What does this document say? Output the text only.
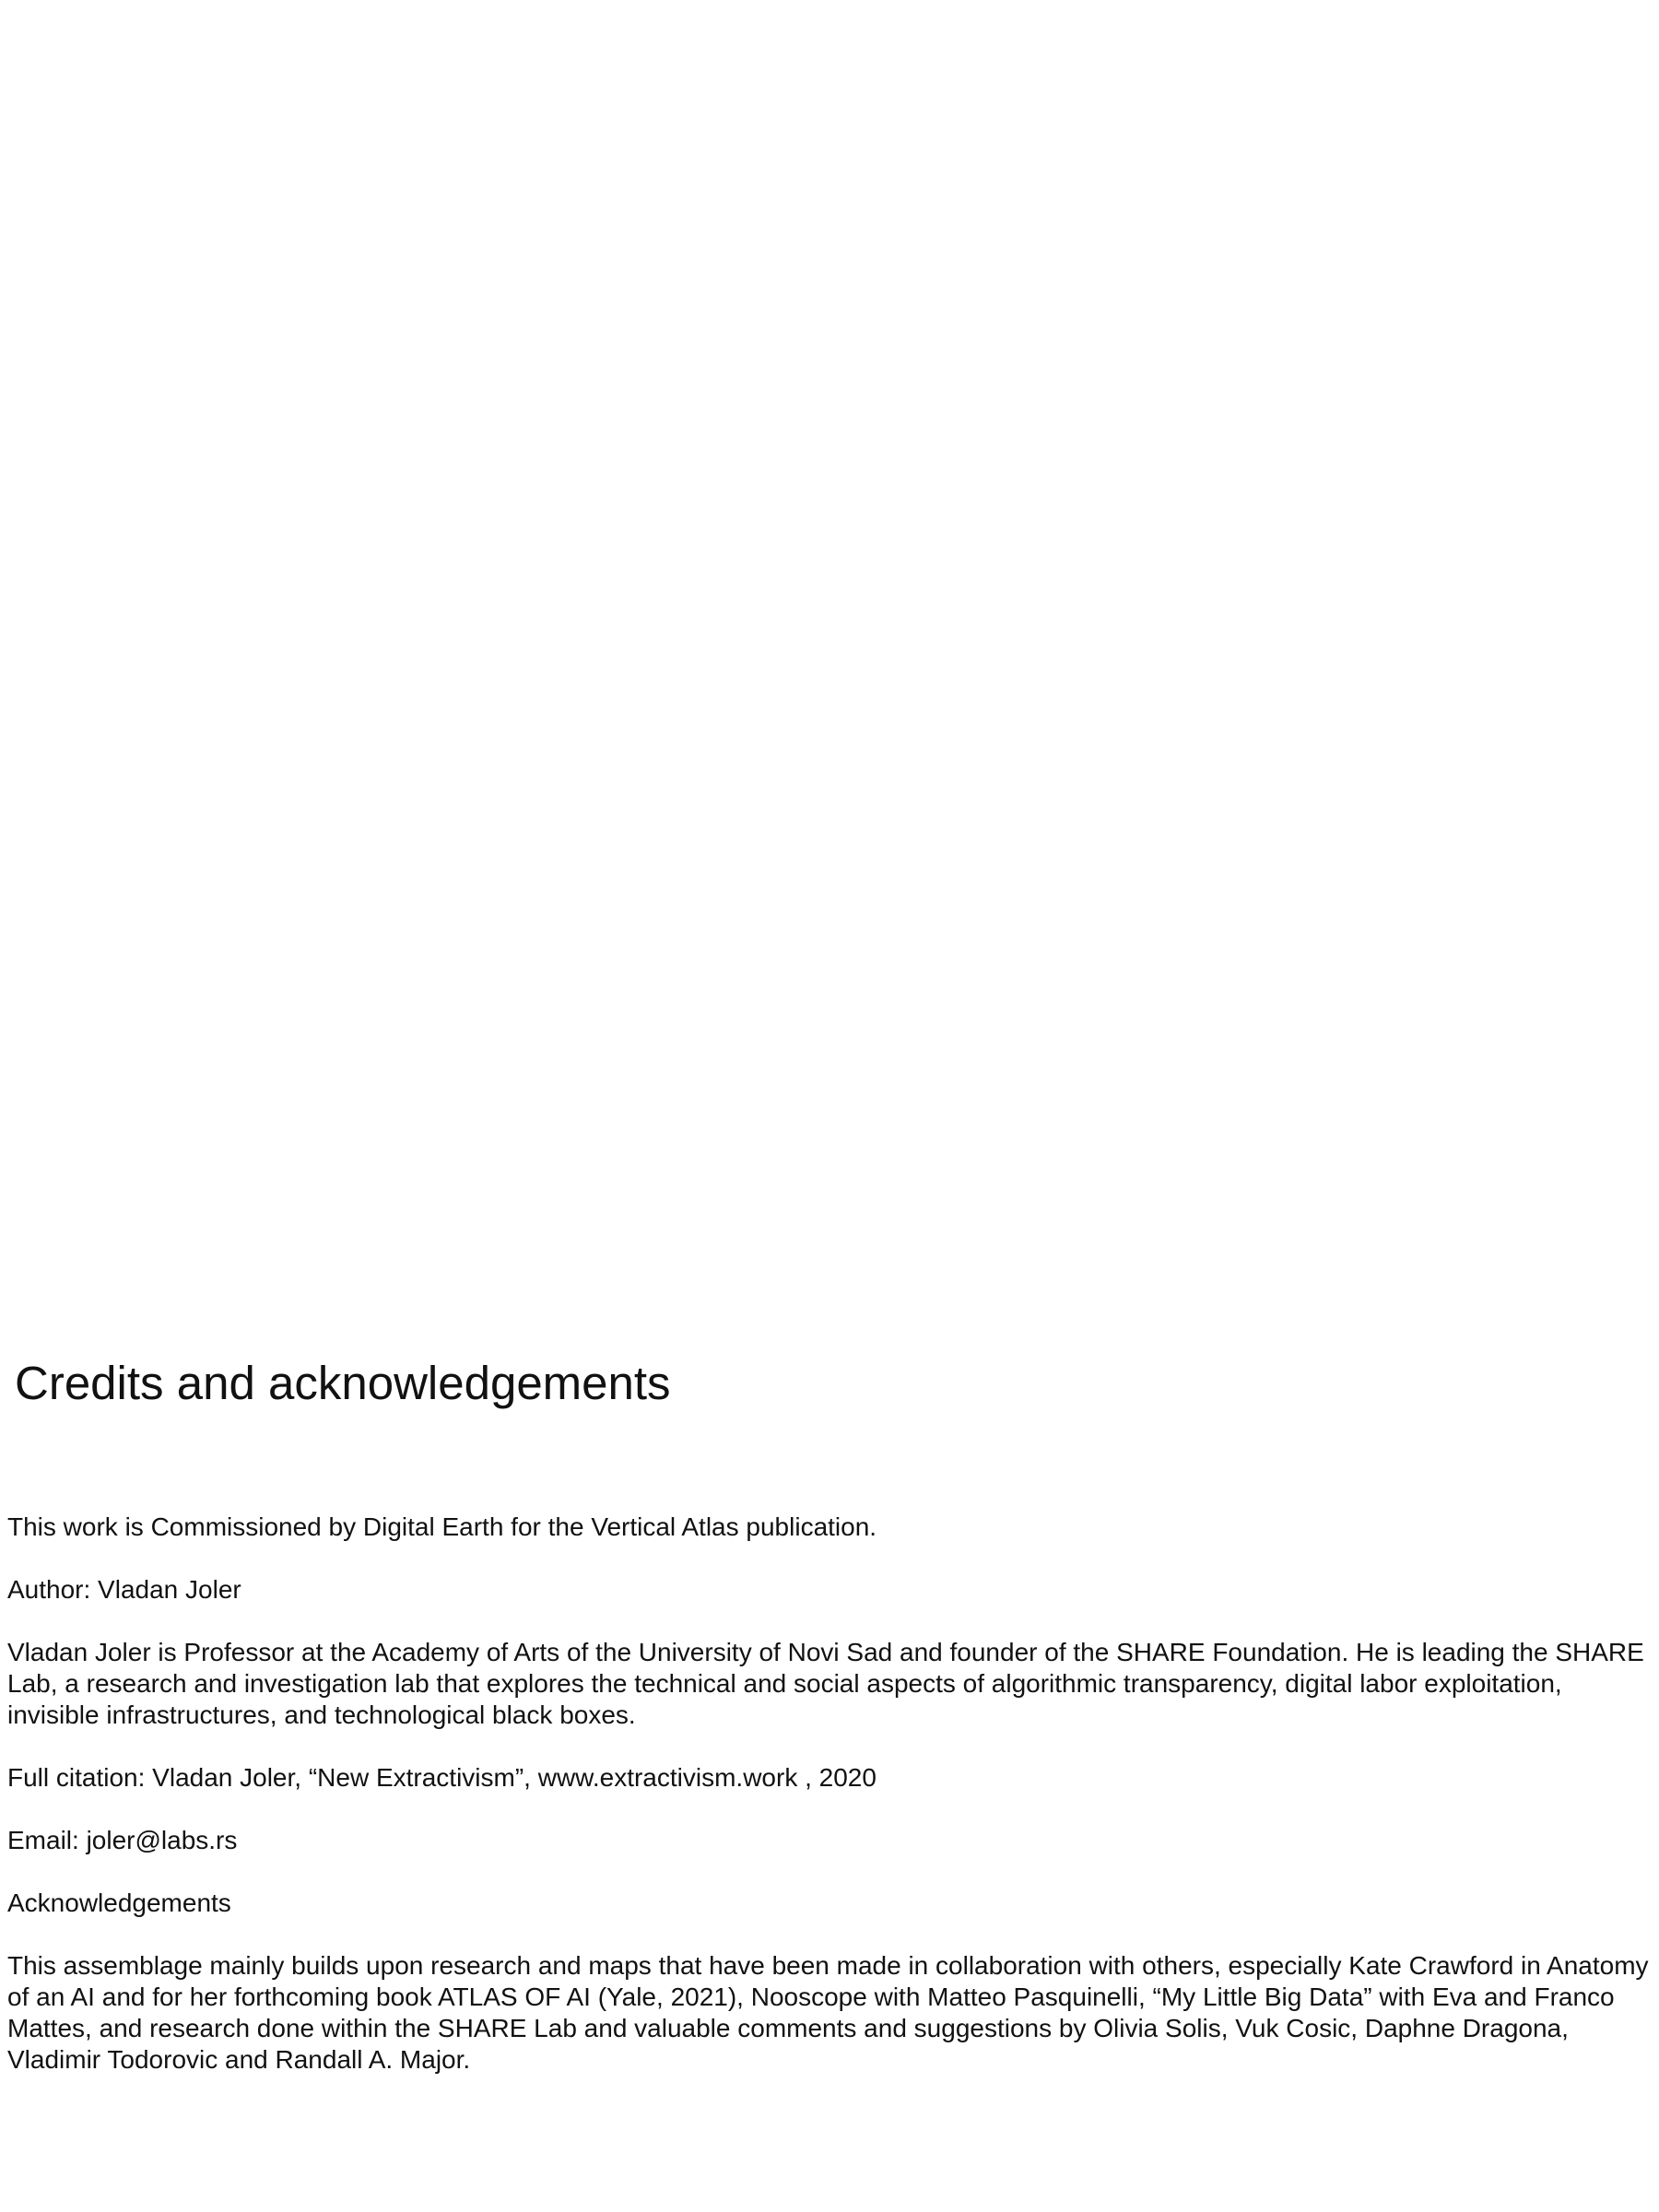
Credits and acknowledgements

This work is Commissioned by Digital Earth for the Vertical Atlas publication.

Author: Vladan Joler

Vladan Joler is Professor at the Academy of Arts of the University of Novi Sad and founder of the SHARE Foundation. He is leading the SHARE Lab, a research and investigation lab that explores the technical and social aspects of algorithmic transparency, digital labor exploitation, invisible infrastructures, and technological black boxes.

Full citation: Vladan Joler, “New Extractivism”, www.extractivism.work , 2020

Email: joler@labs.rs

Acknowledgements

This assemblage mainly builds upon research and maps that have been made in collaboration with others, especially Kate Crawford in Anatomy of an AI and for her forthcoming book ATLAS OF AI (Yale, 2021), Nooscope with Matteo Pasquinelli, “My Little Big Data” with Eva and Franco Mattes, and research done within the SHARE Lab and valuable comments and suggestions by Olivia Solis, Vuk Cosic, Daphne Dragona, Vladimir Todorovic and Randall A. Major.
